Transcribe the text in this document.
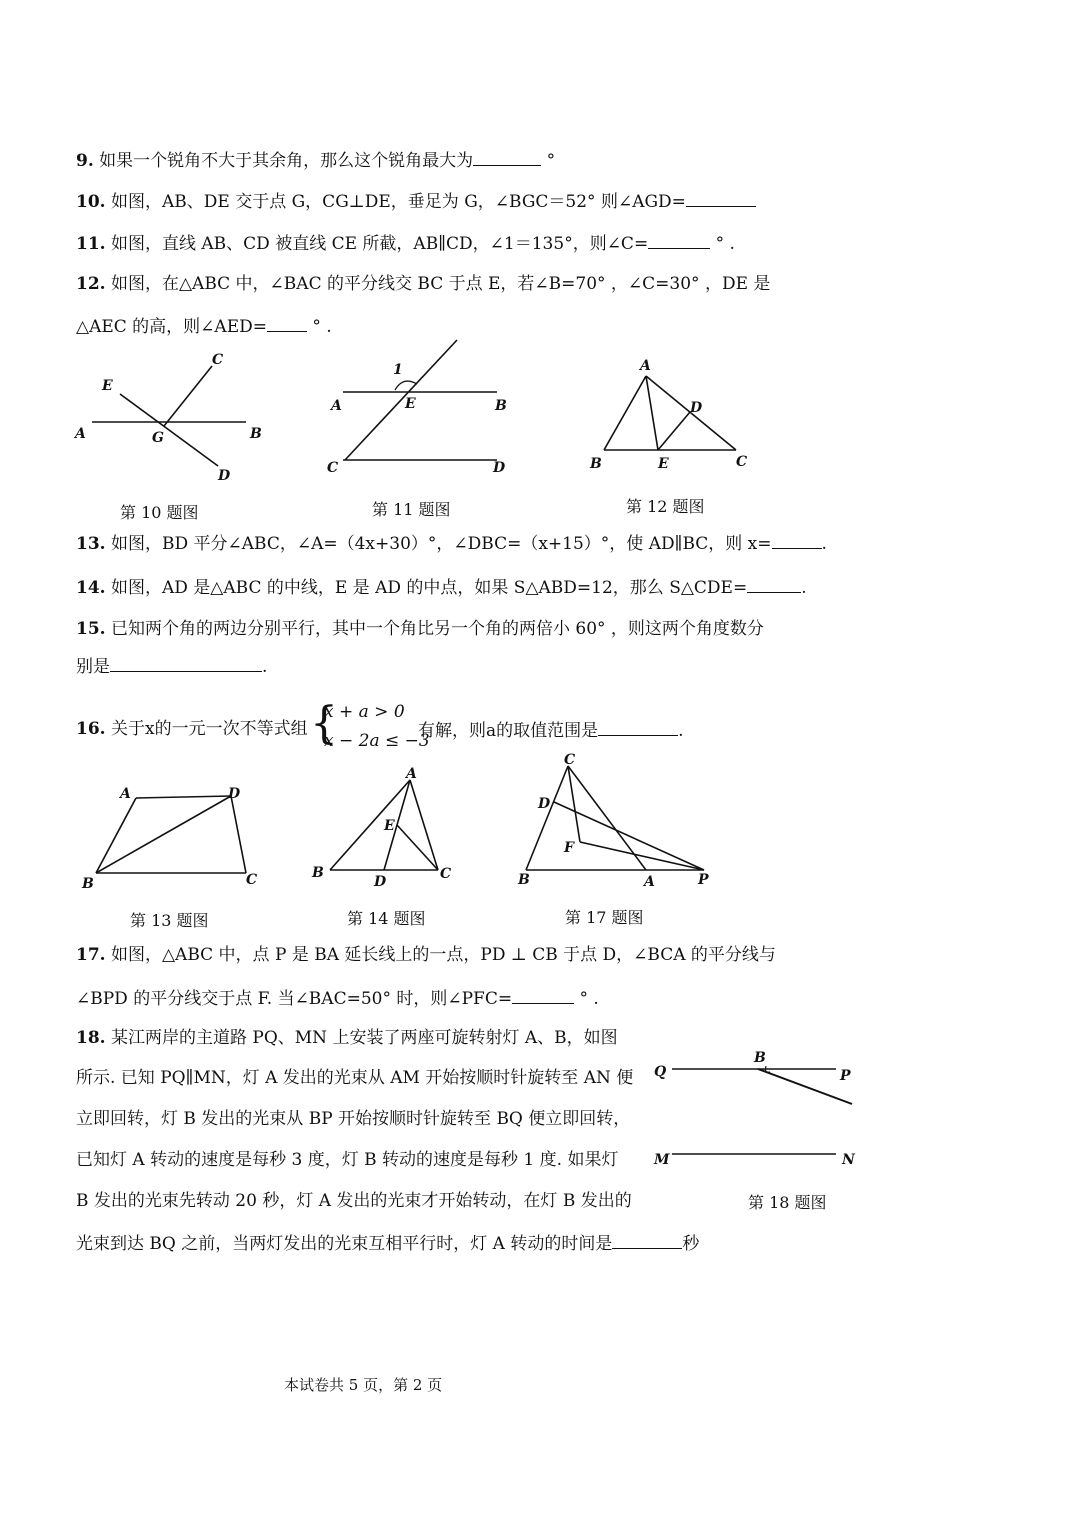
9. 如果一个锐角不大于其余角，那么这个锐角最大为	°
10. 如图，AB、DE 交于点 G，CG⊥DE，垂足为 G，∠BGC＝52° 则∠AGD=
11. 如图，直线 AB、CD 被直线 CE 所截，AB∥CD，∠1＝135°，则∠C=	° .
12. 如图，在△ABC 中，∠BAC 的平分线交 BC 于点 E，若∠B=70° ，∠C=30° ，DE 是
△AEC 的高，则∠AED=	° .
E
C
A	B
G
D
第 10 题图
1
A	E	B
C	D
第 11 题图
A
D
B	E	C
第 12 题图
13. 如图，BD 平分∠ABC，∠A=（4x+30）°，∠DBC=（x+15）°，使 AD∥BC，则 x=	.
14. 如图，AD 是△ABC 的中线，E 是 AD 的中点，如果 S△ABD=12，那么 S△CDE=	.
15. 已知两个角的两边分别平行，其中一个角比另一个角的两倍小 60° ，则这两个角度数分
别是	.
16. 关于x的一元一次不等式组 {
x + a > 0
x − 2a ≤ −3
有解，则a的取值范围是	.
A	D
B	C
第 13 题图
A
E
B
D	C
第 14 题图
C
D
F
B	A	P
第 17 题图
17. 如图，△ABC 中，点 P 是 BA 延长线上的一点，PD ⊥ CB 于点 D，∠BCA 的平分线与
∠BPD 的平分线交于点 F. 当∠BAC=50° 时，则∠PFC=	° .
18. 某江两岸的主道路 PQ、MN 上安装了两座可旋转射灯 A、B，如图
所示. 已知 PQ∥MN，灯 A 发出的光束从 AM 开始按顺时针旋转至 AN 便
立即回转，灯 B 发出的光束从 BP 开始按顺时针旋转至 BQ 便立即回转，
已知灯 A 转动的速度是每秒 3 度，灯 B 转动的速度是每秒 1 度. 如果灯
B 发出的光束先转动 20 秒，灯 A 发出的光束才开始转动，在灯 B 发出的
光束到达 BQ 之前，当两灯发出的光束互相平行时，灯 A 转动的时间是	秒
B
Q	P
M	N
第 18 题图
本试卷共 5 页，第 2 页
